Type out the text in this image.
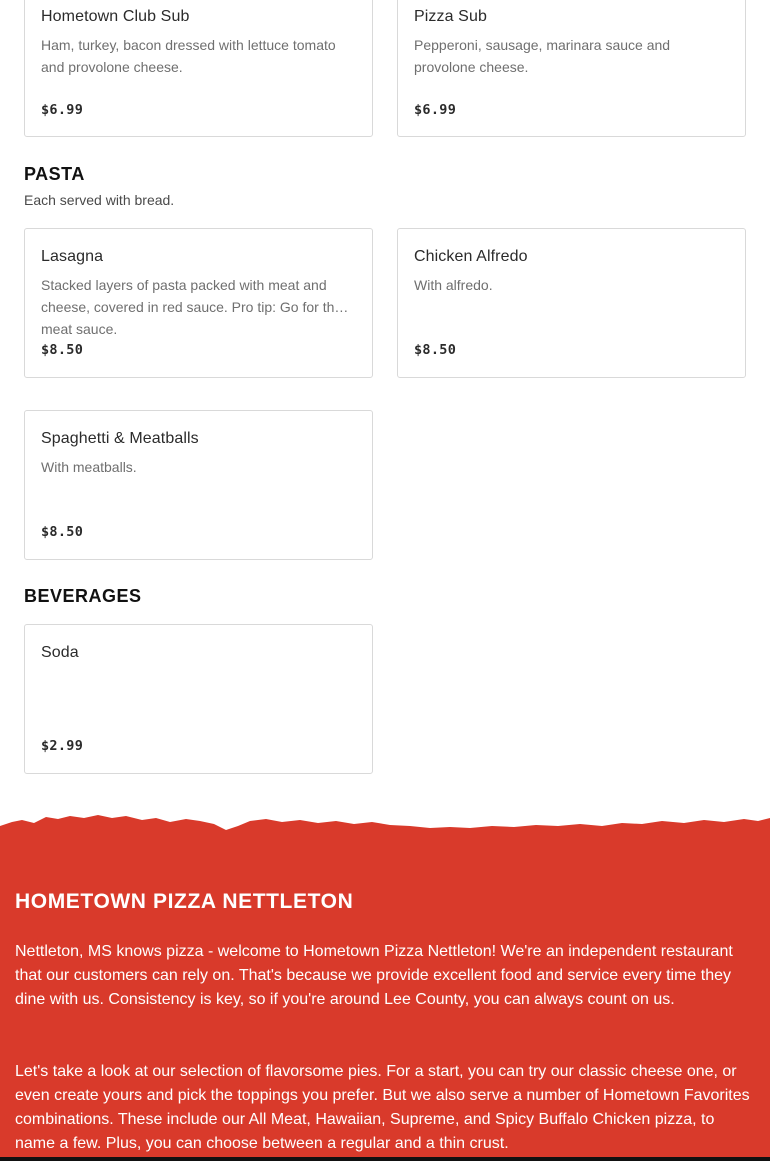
Hometown Club Sub
Ham, turkey, bacon dressed with lettuce tomato and provolone cheese.
$6.99
Pizza Sub
Pepperoni, sausage, marinara sauce and provolone cheese.
$6.99
PASTA
Each served with bread.
Lasagna
Stacked layers of pasta packed with meat and cheese, covered in red sauce. Pro tip: Go for the meat sauce.
$8.50
Chicken Alfredo
With alfredo.
$8.50
Spaghetti & Meatballs
With meatballs.
$8.50
BEVERAGES
Soda
$2.99
HOMETOWN PIZZA NETTLETON

Nettleton, MS knows pizza - welcome to Hometown Pizza Nettleton! We're an independent restaurant that our customers can rely on. That's because we provide excellent food and service every time they dine with us. Consistency is key, so if you're around Lee County, you can always count on us.

Let's take a look at our selection of flavorsome pies. For a start, you can try our classic cheese one, or even create yours and pick the toppings you prefer. But we also serve a number of Hometown Favorites combinations. These include our All Meat, Hawaiian, Supreme, and Spicy Buffalo Chicken pizza, to name a few. Plus, you can choose between a regular and a thin crust.
